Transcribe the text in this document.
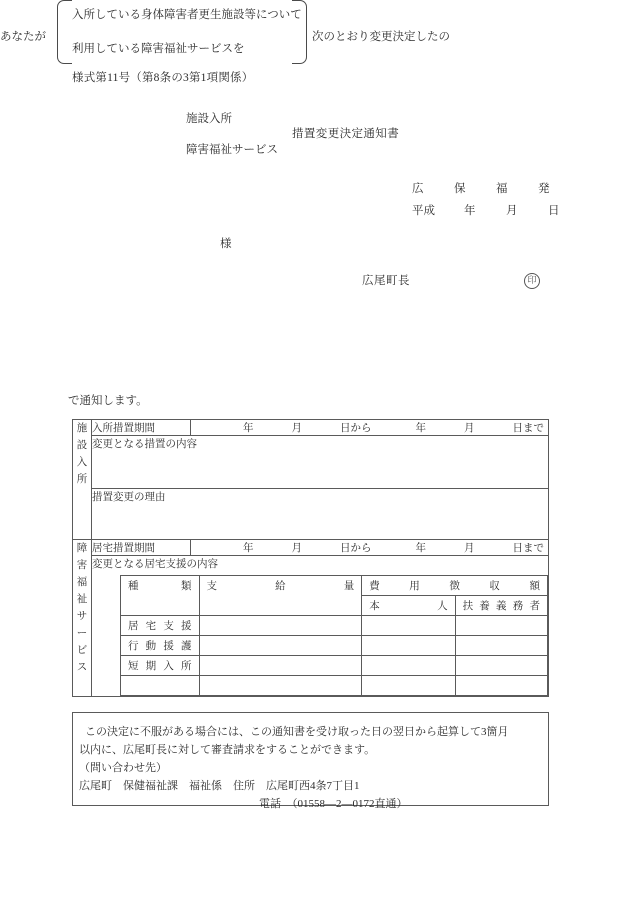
様式第11号（第8条の3第1項関係）
施設入所
措置変更決定通知書
障害福祉サービス
広	保	福	発
平成	年	月	日
様
広尾町長	印
あなたが
入所している身体障害者更生施設等について
利用している障害福祉サービスを
次のとおり変更決定したの
で通知します。
施
設
入
所
	入所措置期間	年	月	日から	年	月	日まで
変更となる措置の内容
措置変更の理由

障
害
福
祉
サ
ー
ビ
ス
	居宅措置期間	年	月	日から	年	月	日まで

変更となる居宅支援の内容
種類	支給量	費用徴収額

本人	扶養義務者

居宅支援

行動援護

短期入所

この決定に不服がある場合には、この通知書を受け取った日の翌日から起算して3箇月
以内に、広尾町長に対して審査請求をすることができます。
（問い合わせ先）
広尾町　保健福祉課　福祉係　住所　広尾町西4条7丁目1
電話　（01558—2—0172直通）
